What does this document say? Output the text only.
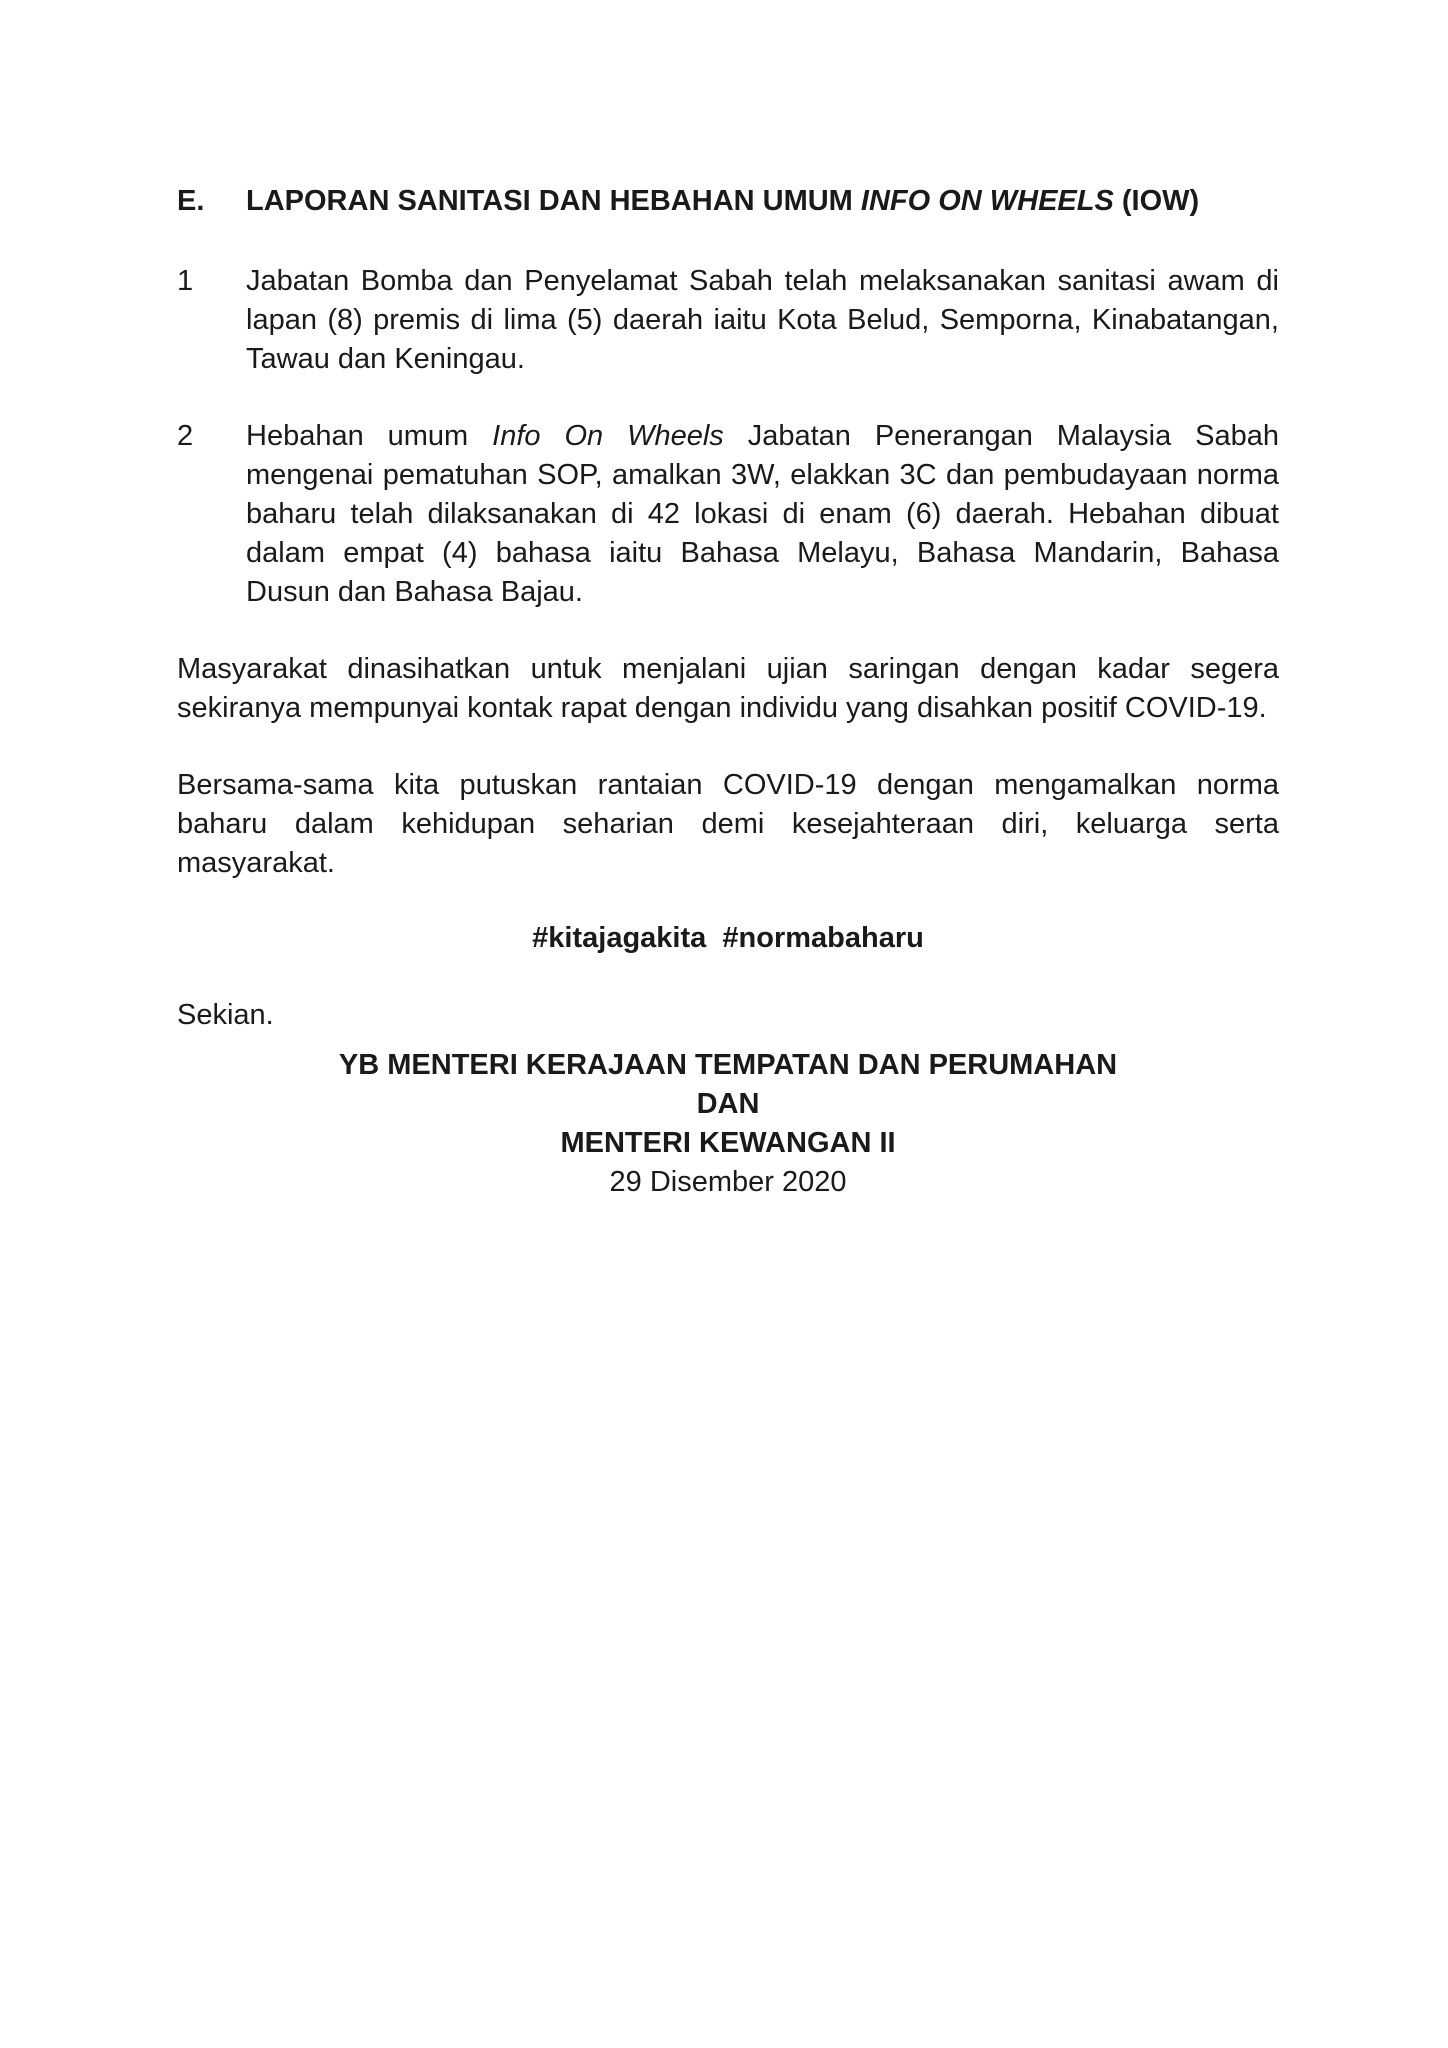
E.	LAPORAN SANITASI DAN HEBAHAN UMUM INFO ON WHEELS (IOW)
1	Jabatan Bomba dan Penyelamat Sabah telah melaksanakan sanitasi awam di lapan (8) premis di lima (5) daerah iaitu Kota Belud, Semporna, Kinabatangan, Tawau dan Keningau.
2	Hebahan umum Info On Wheels Jabatan Penerangan Malaysia Sabah mengenai pematuhan SOP, amalkan 3W, elakkan 3C dan pembudayaan norma baharu telah dilaksanakan di 42 lokasi di enam (6) daerah. Hebahan dibuat dalam empat (4) bahasa iaitu Bahasa Melayu, Bahasa Mandarin, Bahasa Dusun dan Bahasa Bajau.

Masyarakat dinasihatkan untuk menjalani ujian saringan dengan kadar segera sekiranya mempunyai kontak rapat dengan individu yang disahkan positif COVID-19.

Bersama-sama kita putuskan rantaian COVID-19 dengan mengamalkan norma baharu dalam kehidupan seharian demi kesejahteraan diri, keluarga serta masyarakat.

#kitajagakita  #normabaharu

Sekian.

YB MENTERI KERAJAAN TEMPATAN DAN PERUMAHAN
DAN
MENTERI KEWANGAN II
29 Disember 2020
